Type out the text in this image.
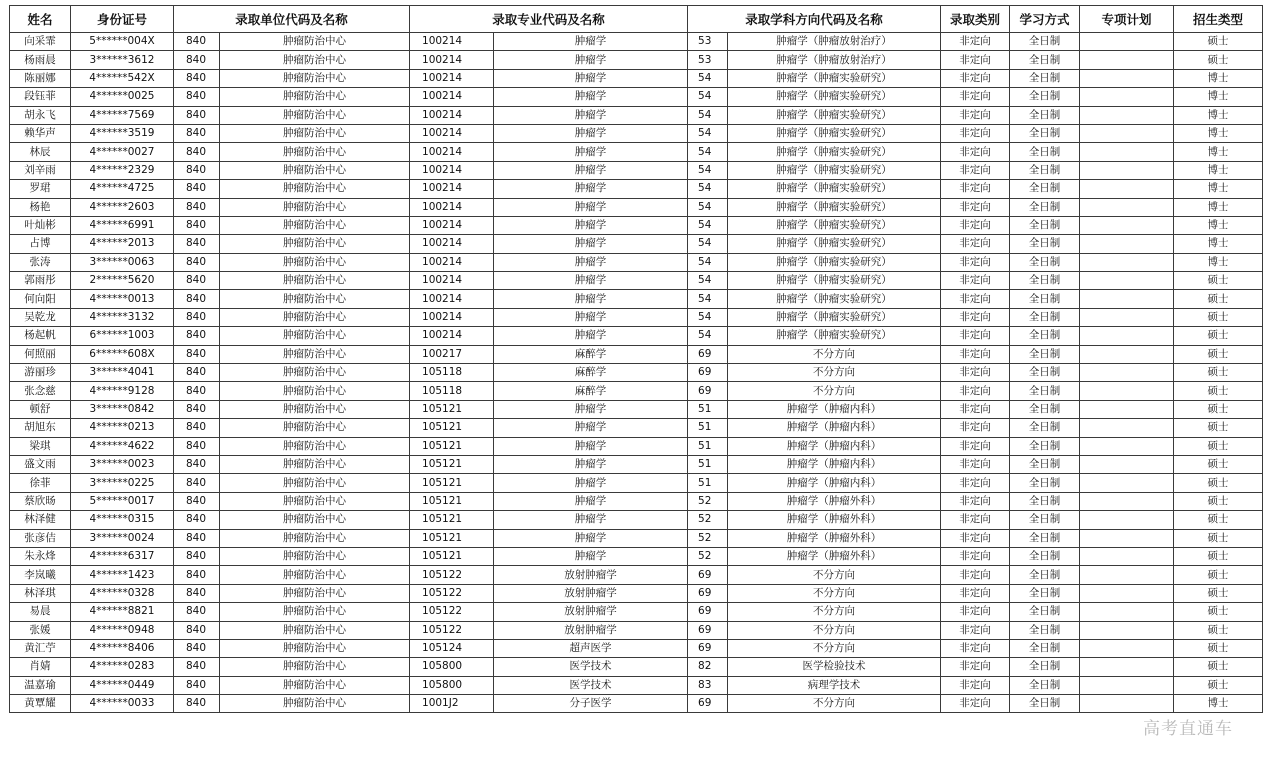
姓名	身份证号	录取单位代码及名称		录取专业代码及名称		录取学科方向代码及名称		录取类别	学习方式	专项计划	招生类型
向采霏	5******004X	840	肿瘤防治中心	100214	肿瘤学	53	肿瘤学（肿瘤放射治疗）	非定向	全日制		硕士
杨雨晨	3******3612	840	肿瘤防治中心	100214	肿瘤学	53	肿瘤学（肿瘤放射治疗）	非定向	全日制		硕士
陈丽娜	4******542X	840	肿瘤防治中心	100214	肿瘤学	54	肿瘤学（肿瘤实验研究）	非定向	全日制		博士
段钰菲	4******0025	840	肿瘤防治中心	100214	肿瘤学	54	肿瘤学（肿瘤实验研究）	非定向	全日制		博士
胡永飞	4******7569	840	肿瘤防治中心	100214	肿瘤学	54	肿瘤学（肿瘤实验研究）	非定向	全日制		博士
赖华声	4******3519	840	肿瘤防治中心	100214	肿瘤学	54	肿瘤学（肿瘤实验研究）	非定向	全日制		博士
林辰	4******0027	840	肿瘤防治中心	100214	肿瘤学	54	肿瘤学（肿瘤实验研究）	非定向	全日制		博士
刘辛雨	4******2329	840	肿瘤防治中心	100214	肿瘤学	54	肿瘤学（肿瘤实验研究）	非定向	全日制		博士
罗珺	4******4725	840	肿瘤防治中心	100214	肿瘤学	54	肿瘤学（肿瘤实验研究）	非定向	全日制		博士
杨艳	4******2603	840	肿瘤防治中心	100214	肿瘤学	54	肿瘤学（肿瘤实验研究）	非定向	全日制		博士
叶灿彬	4******6991	840	肿瘤防治中心	100214	肿瘤学	54	肿瘤学（肿瘤实验研究）	非定向	全日制		博士
占博	4******2013	840	肿瘤防治中心	100214	肿瘤学	54	肿瘤学（肿瘤实验研究）	非定向	全日制		博士
张涛	3******0063	840	肿瘤防治中心	100214	肿瘤学	54	肿瘤学（肿瘤实验研究）	非定向	全日制		博士
郭雨彤	2******5620	840	肿瘤防治中心	100214	肿瘤学	54	肿瘤学（肿瘤实验研究）	非定向	全日制		硕士
何向阳	4******0013	840	肿瘤防治中心	100214	肿瘤学	54	肿瘤学（肿瘤实验研究）	非定向	全日制		硕士
吴乾龙	4******3132	840	肿瘤防治中心	100214	肿瘤学	54	肿瘤学（肿瘤实验研究）	非定向	全日制		硕士
杨起帆	6******1003	840	肿瘤防治中心	100214	肿瘤学	54	肿瘤学（肿瘤实验研究）	非定向	全日制		硕士
何照丽	6******608X	840	肿瘤防治中心	100217	麻醉学	69	不分方向	非定向	全日制		硕士
游丽珍	3******4041	840	肿瘤防治中心	105118	麻醉学	69	不分方向	非定向	全日制		硕士
张念慈	4******9128	840	肿瘤防治中心	105118	麻醉学	69	不分方向	非定向	全日制		硕士
顿舒	3******0842	840	肿瘤防治中心	105121	肿瘤学	51	肿瘤学（肿瘤内科）	非定向	全日制		硕士
胡旭东	4******0213	840	肿瘤防治中心	105121	肿瘤学	51	肿瘤学（肿瘤内科）	非定向	全日制		硕士
梁琪	4******4622	840	肿瘤防治中心	105121	肿瘤学	51	肿瘤学（肿瘤内科）	非定向	全日制		硕士
盛文雨	3******0023	840	肿瘤防治中心	105121	肿瘤学	51	肿瘤学（肿瘤内科）	非定向	全日制		硕士
徐菲	3******0225	840	肿瘤防治中心	105121	肿瘤学	51	肿瘤学（肿瘤内科）	非定向	全日制		硕士
蔡欣旸	5******0017	840	肿瘤防治中心	105121	肿瘤学	52	肿瘤学（肿瘤外科）	非定向	全日制		硕士
林泽健	4******0315	840	肿瘤防治中心	105121	肿瘤学	52	肿瘤学（肿瘤外科）	非定向	全日制		硕士
张彦佶	3******0024	840	肿瘤防治中心	105121	肿瘤学	52	肿瘤学（肿瘤外科）	非定向	全日制		硕士
朱永烽	4******6317	840	肿瘤防治中心	105121	肿瘤学	52	肿瘤学（肿瘤外科）	非定向	全日制		硕士
李岚曦	4******1423	840	肿瘤防治中心	105122	放射肿瘤学	69	不分方向	非定向	全日制		硕士
林泽琪	4******0328	840	肿瘤防治中心	105122	放射肿瘤学	69	不分方向	非定向	全日制		硕士
易晨	4******8821	840	肿瘤防治中心	105122	放射肿瘤学	69	不分方向	非定向	全日制		硕士
张媛	4******0948	840	肿瘤防治中心	105122	放射肿瘤学	69	不分方向	非定向	全日制		硕士
黄汇苧	4******8406	840	肿瘤防治中心	105124	超声医学	69	不分方向	非定向	全日制		硕士
肖婧	4******0283	840	肿瘤防治中心	105800	医学技术	82	医学检验技术	非定向	全日制		硕士
温嘉瑜	4******0449	840	肿瘤防治中心	105800	医学技术	83	病理学技术	非定向	全日制		硕士
黄覃耀	4******0033	840	肿瘤防治中心	1001J2	分子医学	69	不分方向	非定向	全日制		博士
高考直通车
